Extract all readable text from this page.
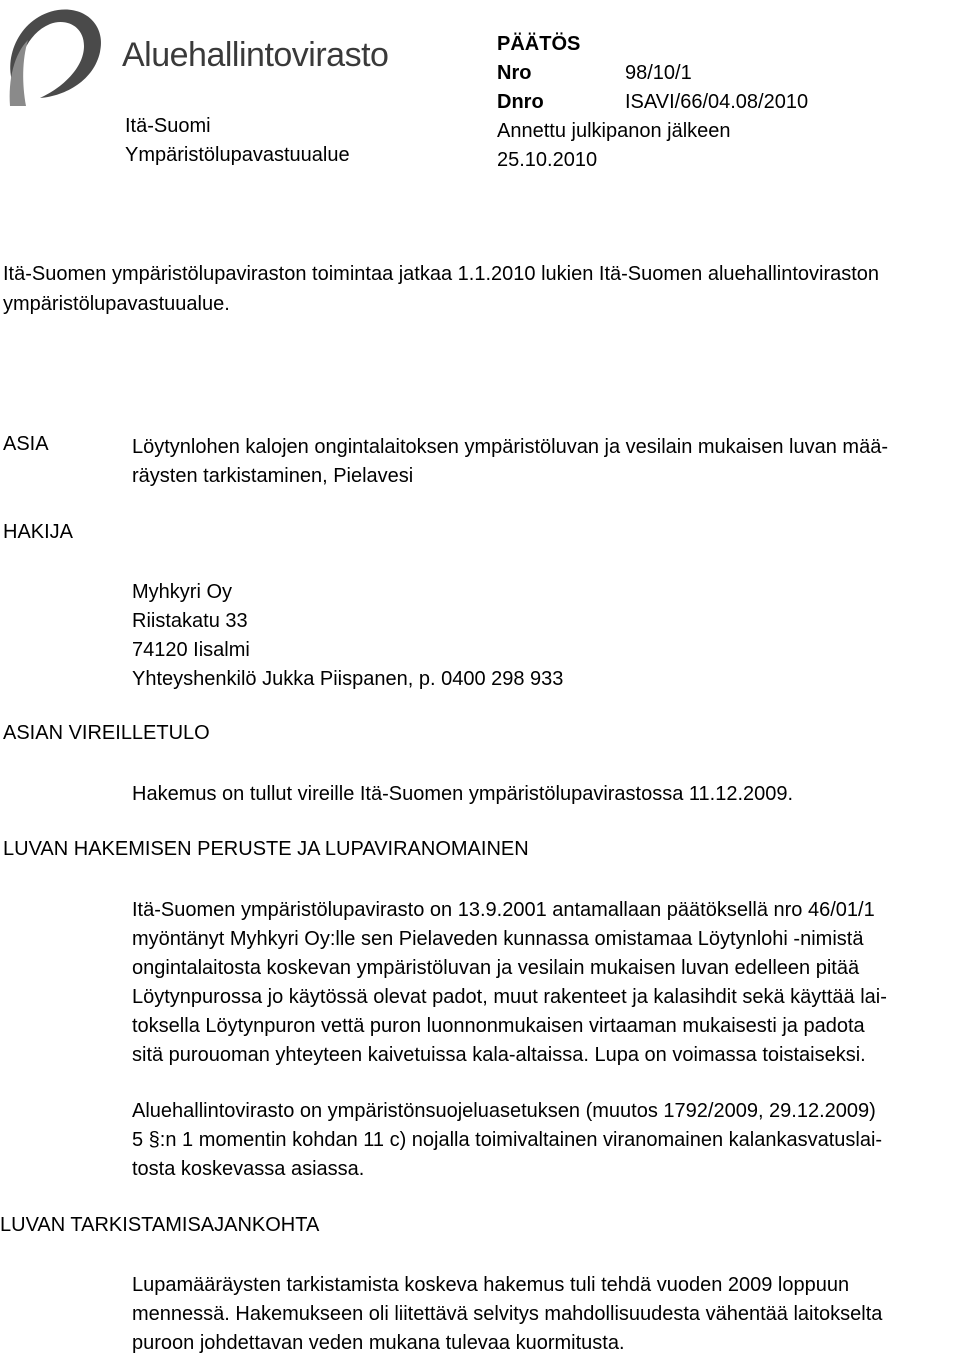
Aluehallintovirasto
Itä-Suomi
Ympäristölupavastuualue
PÄÄTÖS
Nro	98/10/1
Dnro	ISAVI/66/04.08/2010
Annettu julkipanon jälkeen
25.10.2010
Itä-Suomen ympäristölupaviraston toimintaa jatkaa 1.1.2010 lukien Itä-Suomen aluehallintoviraston
ympäristölupavastuualue.
ASIA	Löytynlohen kalojen ongintalaitoksen ympäristöluvan ja vesilain mukaisen luvan mää-
räysten tarkistaminen, Pielavesi
HAKIJA
Myhkyri Oy
Riistakatu 33
74120 Iisalmi
Yhteyshenkilö Jukka Piispanen, p. 0400 298 933
ASIAN VIREILLETULO
Hakemus on tullut vireille Itä-Suomen ympäristölupavirastossa 11.12.2009.
LUVAN HAKEMISEN PERUSTE JA LUPAVIRANOMAINEN
Itä-Suomen ympäristölupavirasto on 13.9.2001 antamallaan päätöksellä nro 46/01/1
myöntänyt Myhkyri Oy:lle sen Pielaveden kunnassa omistamaa Löytynlohi -nimistä
ongintalaitosta koskevan ympäristöluvan ja vesilain mukaisen luvan edelleen pitää
Löytynpurossa jo käytössä olevat padot, muut rakenteet ja kalasihdit sekä käyttää lai-
toksella Löytynpuron vettä puron luonnonmukaisen virtaaman mukaisesti ja padota
sitä purouoman yhteyteen kaivetuissa kala-altaissa. Lupa on voimassa toistaiseksi.
Aluehallintovirasto on ympäristönsuojeluasetuksen (muutos 1792/2009, 29.12.2009)
5 §:n 1 momentin kohdan 11 c) nojalla toimivaltainen viranomainen kalankasvatuslai-
tosta koskevassa asiassa.
LUVAN TARKISTAMISAJANKOHTA
Lupamääräysten tarkistamista koskeva hakemus tuli tehdä vuoden 2009 loppuun
mennessä. Hakemukseen oli liitettävä selvitys mahdollisuudesta vähentää laitokselta
puroon johdettavan veden mukana tulevaa kuormitusta.
